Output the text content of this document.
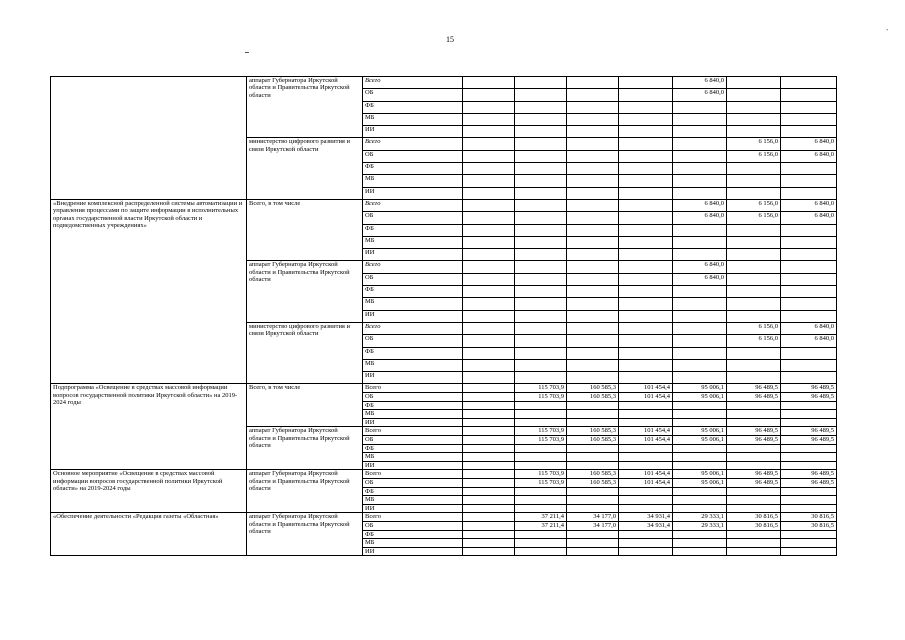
15
`
	аппарат Губернатора Иркутской области и Правительства Иркутской области	Всего					6 840,0			
		ОБ					6 840,0			
		ФБ								
		МБ								
		ИИ								
	министерство цифрового развития и связи Иркутской области	Всего						6 156,0	6 840,0	
		ОБ						6 156,0	6 840,0	
		ФБ								
		МБ								
		ИИ								
«Внедрение комплексной распределенной системы автоматизации и управления процессами по защите информации в исполнительных органах государственной власти Иркутской области и подведомственных учреждениях»	Всего, в том числе	Всего					6 840,0	6 156,0	6 840,0	
		ОБ					6 840,0	6 156,0	6 840,0	
		ФБ								
		МБ								
		ИИ								
	аппарат Губернатора Иркутской области и Правительства Иркутской области	Всего					6 840,0			
		ОБ					6 840,0			
		ФБ								
		МБ								
		ИИ								
	министерство цифрового развития и связи Иркутской области	Всего						6 156,0	6 840,0	
		ОБ						6 156,0	6 840,0	
		ФБ								
		МБ								
		ИИ								
Подпрограмма «Освещение в средствах массовой информации вопросов государственной политики Иркутской области» на 2019-2024 годы	Всего, в том числе	Всего		115 703,9	160 585,3	101 454,4	95 006,1	96 489,5	96 489,5	
		ОБ		115 703,9	160 585,3	101 454,4	95 006,1	96 489,5	96 489,5	
		ФБ								
		МБ								
		ИИ								
	аппарат Губернатора Иркутской области и Правительства Иркутской области	Всего		115 703,9	160 585,3	101 454,4	95 006,1	96 489,5	96 489,5	
		ОБ		115 703,9	160 585,3	101 454,4	95 006,1	96 489,5	96 489,5	
		ФБ								
		МБ								
		ИИ								
Основное мероприятие «Освещение в средствах массовой информации вопросов государственной политики Иркутской области» на 2019-2024 годы	аппарат Губернатора Иркутской области и Правительства Иркутской области	Всего		115 703,9	160 585,3	101 454,4	95 006,1	96 489,5	96 489,5	
		ОБ		115 703,9	160 585,3	101 454,4	95 006,1	96 489,5	96 489,5	
		ФБ								
		МБ								
		ИИ								
«Обеспечение деятельности «Редакция газеты «Областная»	аппарат Губернатора Иркутской области и Правительства Иркутской области	Всего		37 211,4	34 177,0	34 931,4	29 333,1	30 816,5	30 816,5	
		ОБ		37 211,4	34 177,0	34 931,4	29 333,1	30 816,5	30 816,5	
		ФБ								
		МБ								
		ИИ								
